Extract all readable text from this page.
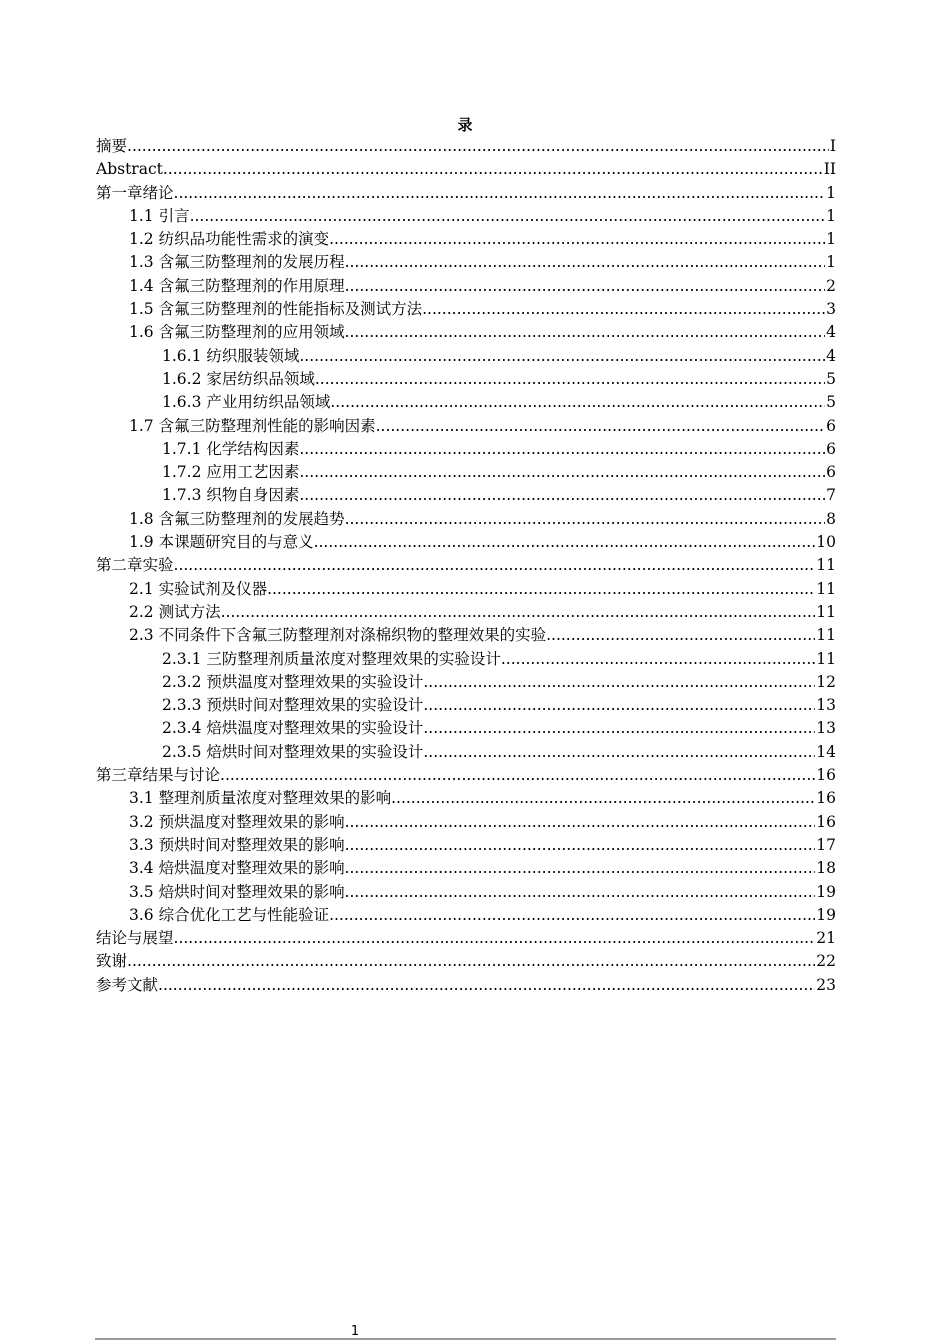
录
摘要 .....	I
Abstract .....	II
第一章绪论 .....	1
1.1 引言 .....	1
1.2 纺织品功能性需求的演变 .....	1
1.3 含氟三防整理剂的发展历程 .....	1
1.4 含氟三防整理剂的作用原理 .....	2
1.5 含氟三防整理剂的性能指标及测试方法 .....	3
1.6 含氟三防整理剂的应用领域 .....	4
1.6.1 纺织服装领域 .....	4
1.6.2 家居纺织品领域 .....	5
1.6.3 产业用纺织品领域 .....	5
1.7 含氟三防整理剂性能的影响因素 .....	6
1.7.1 化学结构因素 .....	6
1.7.2 应用工艺因素 .....	6
1.7.3 织物自身因素 .....	7
1.8 含氟三防整理剂的发展趋势 .....	8
1.9 本课题研究目的与意义 .....	10
第二章实验 .....	11
2.1 实验试剂及仪器 .....	11
2.2 测试方法 .....	11
2.3 不同条件下含氟三防整理剂对涤棉织物的整理效果的实验 .....	11
2.3.1 三防整理剂质量浓度对整理效果的实验设计 .....	11
2.3.2 预烘温度对整理效果的实验设计 .....	12
2.3.3 预烘时间对整理效果的实验设计 .....	13
2.3.4 焙烘温度对整理效果的实验设计 .....	13
2.3.5 焙烘时间对整理效果的实验设计 .....	14
第三章结果与讨论 .....	16
3.1 整理剂质量浓度对整理效果的影响 .....	16
3.2 预烘温度对整理效果的影响 .....	16
3.3 预烘时间对整理效果的影响 .....	17
3.4 焙烘温度对整理效果的影响 .....	18
3.5 焙烘时间对整理效果的影响 .....	19
3.6 综合优化工艺与性能验证 .....	19
结论与展望 .....	21
致谢 .....	22
参考文献 .....	23
1
